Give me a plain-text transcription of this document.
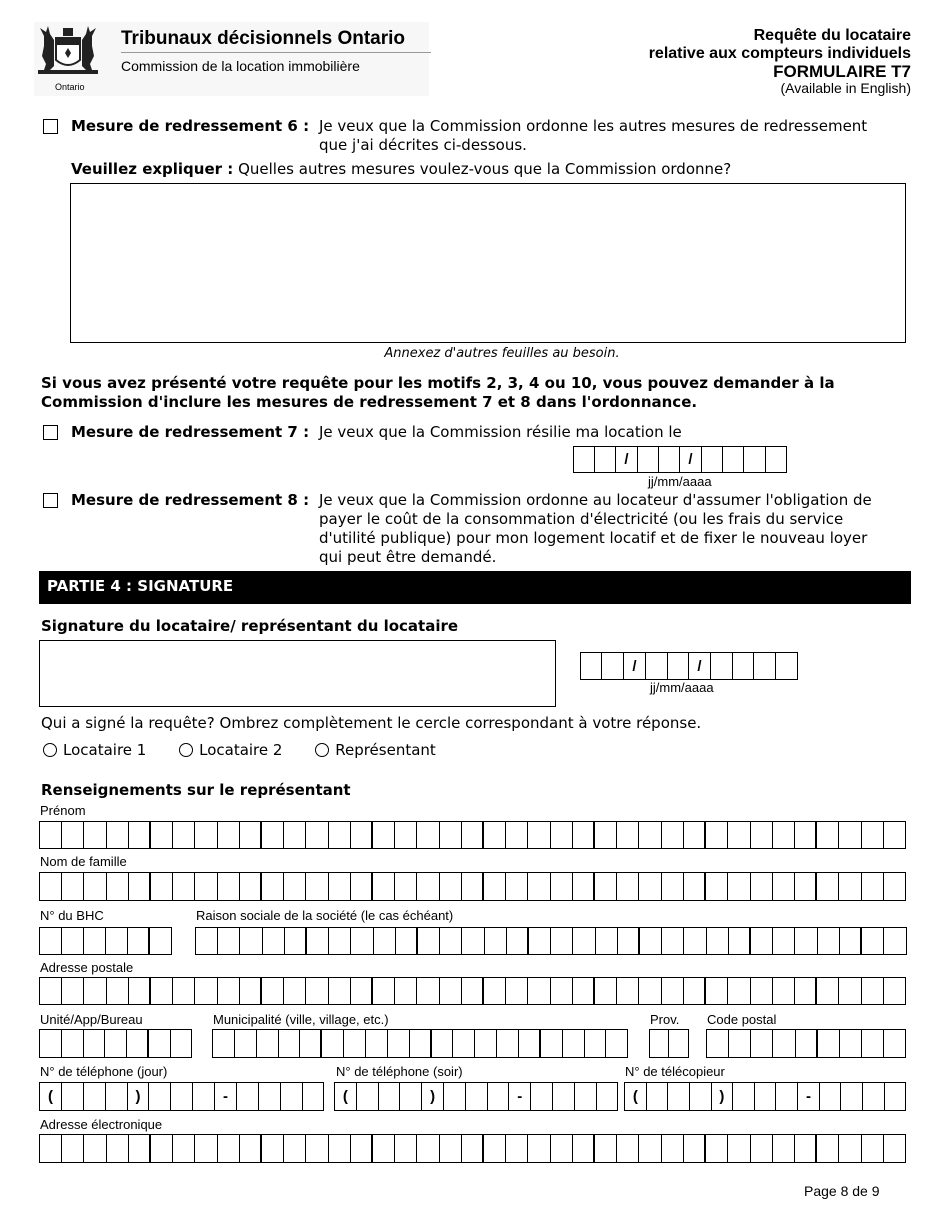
Ontario
Tribunaux décisionnels Ontario
Commission de la location immobilière
Requête du locataire
relative aux compteurs individuels
FORMULAIRE T7
(Available in English)
Mesure de redressement 6 : Je veux que la Commission ordonne les autres mesures de redressement
que j'ai décrites ci-dessous.
Veuillez expliquer : Quelles autres mesures voulez-vous que la Commission ordonne?
Annexez d'autres feuilles au besoin.
Si vous avez présenté votre requête pour les motifs 2, 3, 4 ou 10, vous pouvez demander à la
Commission d'inclure les mesures de redressement 7 et 8 dans l'ordonnance.
Mesure de redressement 7 : Je veux que la Commission résilie ma location le
/	/
jj/mm/aaaa
Mesure de redressement 8 : Je veux que la Commission ordonne au locateur d'assumer l'obligation de
payer le coût de la consommation d'électricité (ou les frais du service
d'utilité publique) pour mon logement locatif et de fixer le nouveau loyer
qui peut être demandé.
PARTIE 4 : SIGNATURE
Signature du locataire/ représentant du locataire
/	/
jj/mm/aaaa
Qui a signé la requête? Ombrez complètement le cercle correspondant à votre réponse.
Locataire 1	Locataire 2	Représentant
Renseignements sur le représentant
Prénom
Nom de famille
N° du BHC	Raison sociale de la société (le cas échéant)
Adresse postale
Unité/App/Bureau	Municipalité (ville, village, etc.)	Prov. Code postal
N° de téléphone (jour)
(	)	-
N° de téléphone (soir)
(	)	-
N° de télécopieur
(	)	-
Adresse électronique
Page 8 de 9
